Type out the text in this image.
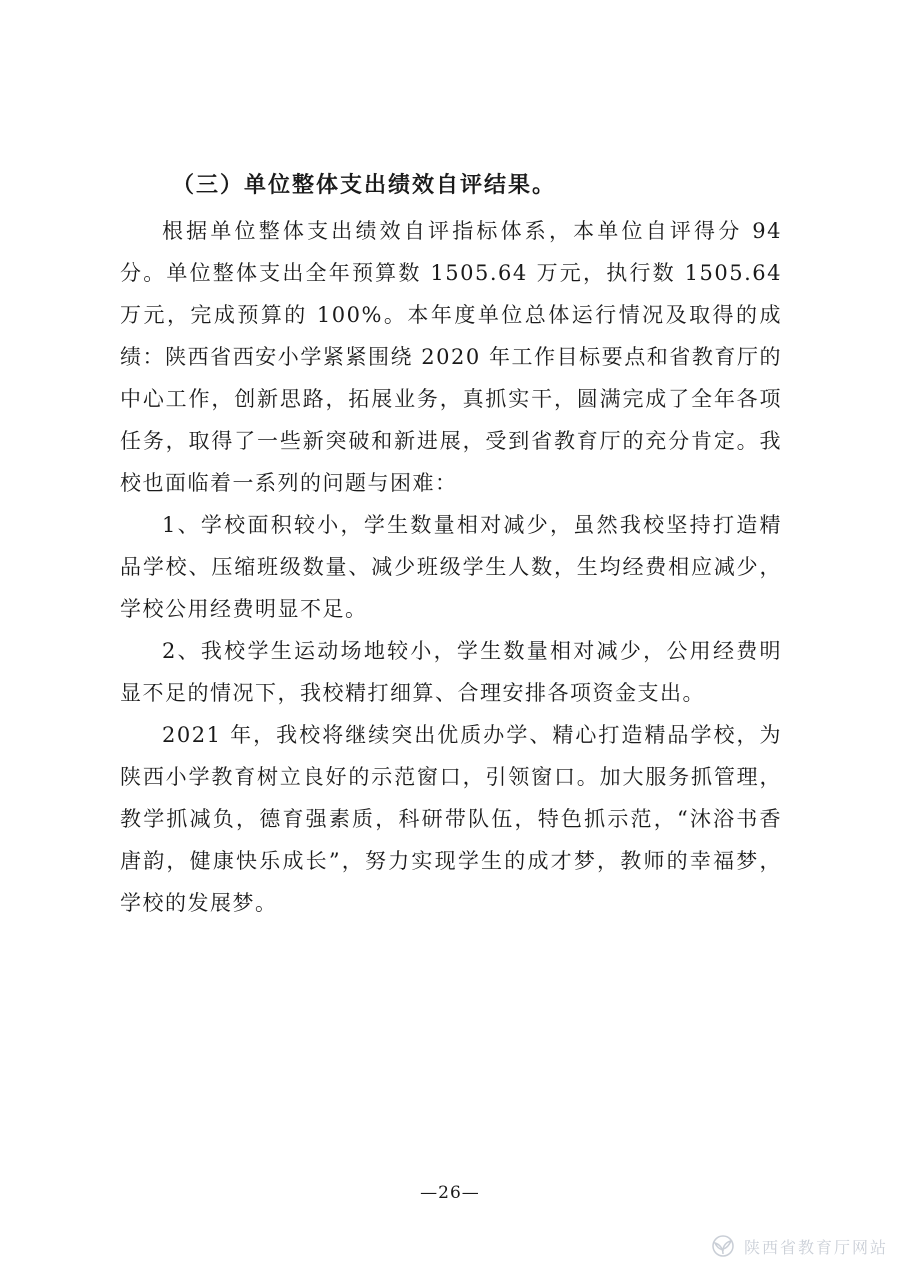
（三）单位整体支出绩效自评结果。

根据单位整体支出绩效自评指标体系，本单位自评得分 94 分。单位整体支出全年预算数 1505.64 万元，执行数 1505.64 万元，完成预算的 100%。本年度单位总体运行情况及取得的成绩：陕西省西安小学紧紧围绕 2020 年工作目标要点和省教育厅的中心工作，创新思路，拓展业务，真抓实干，圆满完成了全年各项任务，取得了一些新突破和新进展，受到省教育厅的充分肯定。我校也面临着一系列的问题与困难：

1、学校面积较小，学生数量相对减少，虽然我校坚持打造精品学校、压缩班级数量、减少班级学生人数，生均经费相应减少，学校公用经费明显不足。

2、我校学生运动场地较小，学生数量相对减少，公用经费明显不足的情况下，我校精打细算、合理安排各项资金支出。

2021 年，我校将继续突出优质办学、精心打造精品学校，为陕西小学教育树立良好的示范窗口，引领窗口。加大服务抓管理，教学抓减负，德育强素质，科研带队伍，特色抓示范，“沐浴书香唐韵，健康快乐成长”，努力实现学生的成才梦，教师的幸福梦，学校的发展梦。

—26—
陕西省教育厅网站
